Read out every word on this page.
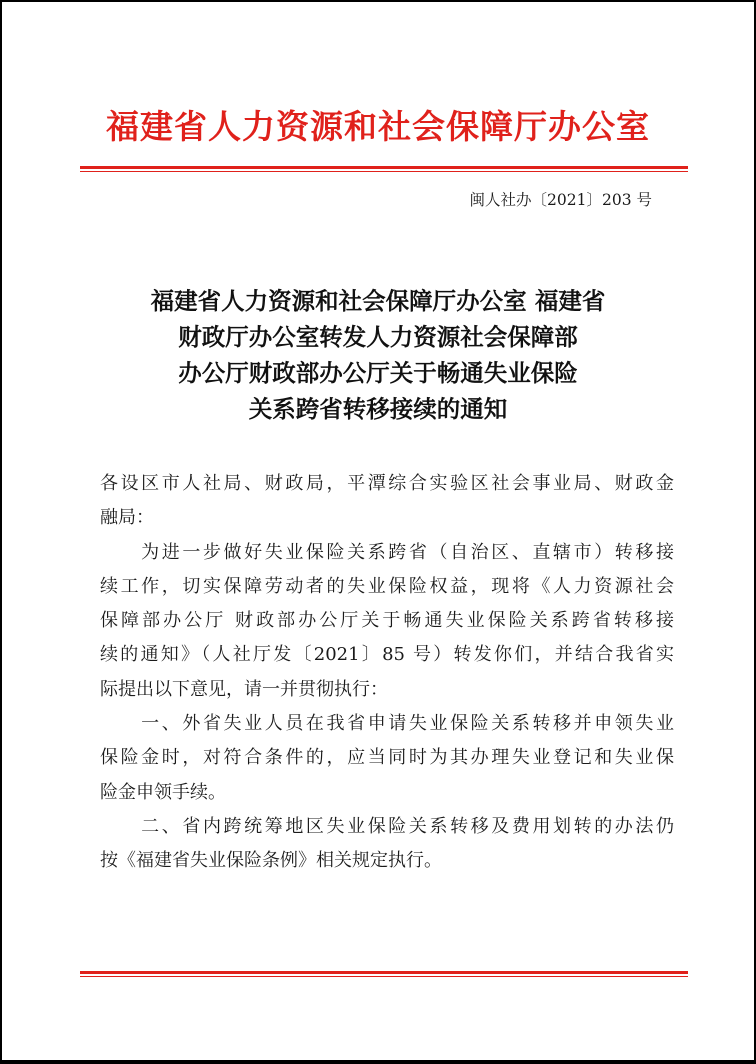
福建省人力资源和社会保障厅办公室
闽人社办〔2021〕203 号
福建省人力资源和社会保障厅办公室 福建省
财政厅办公室转发人力资源社会保障部
办公厅财政部办公厅关于畅通失业保险
关系跨省转移接续的通知
各设区市人社局、财政局，平潭综合实验区社会事业局、财政金
融局：
　　为进一步做好失业保险关系跨省（自治区、直辖市）转移接
续工作，切实保障劳动者的失业保险权益，现将《人力资源社会
保障部办公厅 财政部办公厅关于畅通失业保险关系跨省转移接
续的通知》（人社厅发〔2021〕85 号）转发你们，并结合我省实
际提出以下意见，请一并贯彻执行：
　　一、外省失业人员在我省申请失业保险关系转移并申领失业
保险金时，对符合条件的，应当同时为其办理失业登记和失业保
险金申领手续。
　　二、省内跨统筹地区失业保险关系转移及费用划转的办法仍
按《福建省失业保险条例》相关规定执行。
